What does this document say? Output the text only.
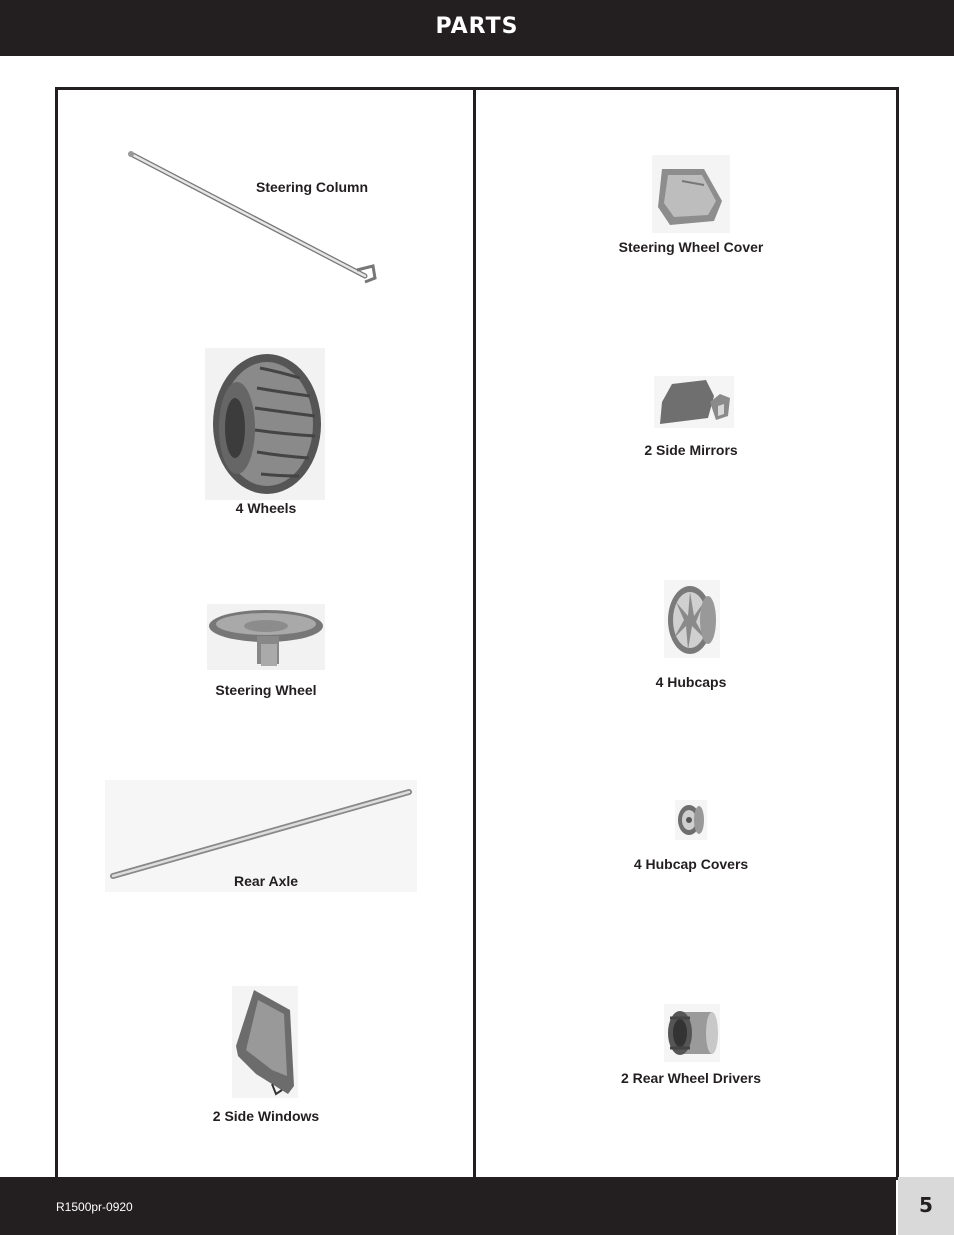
PARTS
Steering Column
4 Wheels
Steering Wheel
Rear Axle
2 Side Windows
Steering Wheel Cover
2 Side Mirrors
4 Hubcaps
4 Hubcap Covers
2 Rear Wheel Drivers
R1500pr-0920	5
